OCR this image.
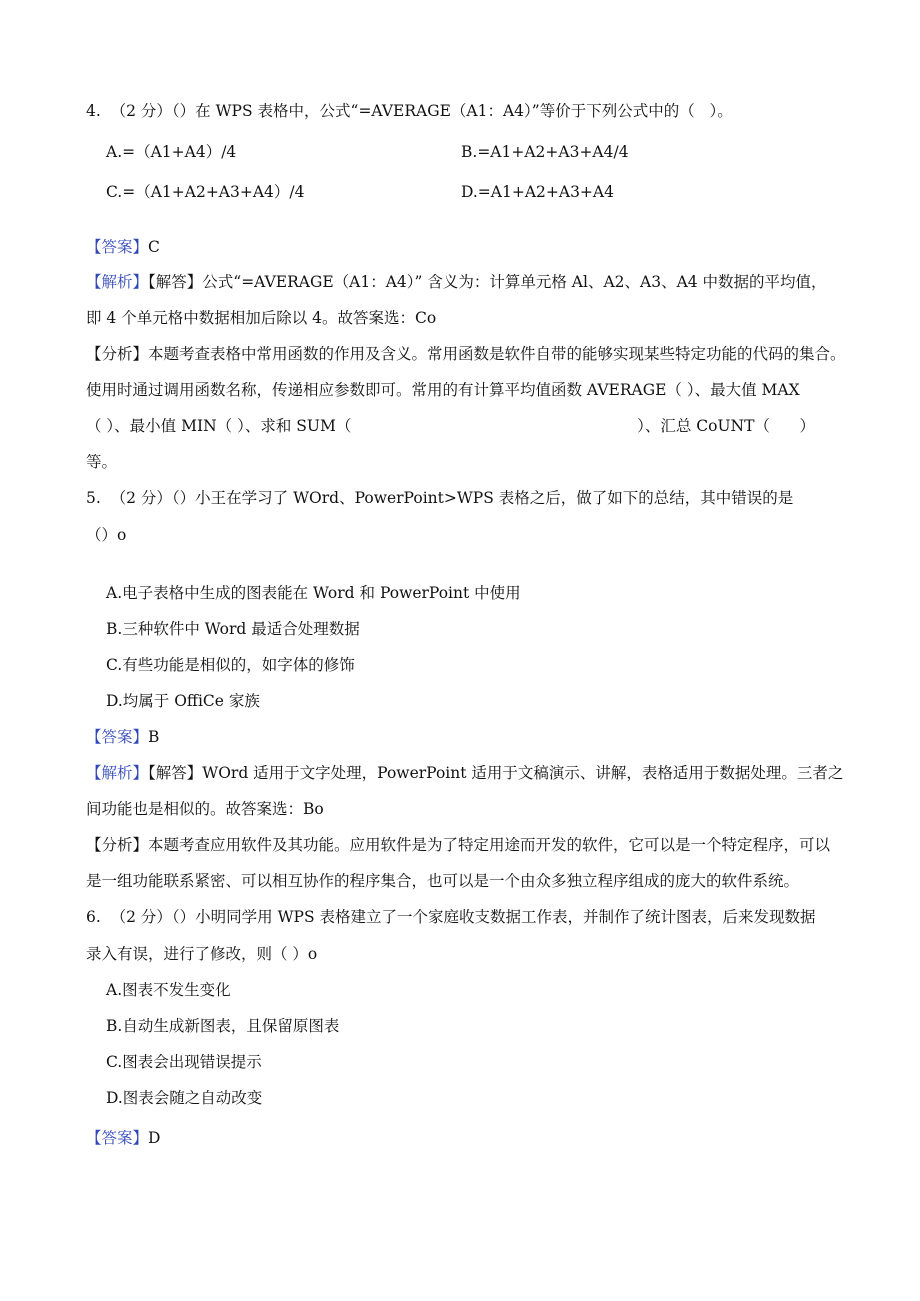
4.  （2 分）（）在 WPS 表格中，公式“=AVERAGE（A1：A4）”等价于下列公式中的（   ）。
A.=（A1+A4）/4	B.=A1+A2+A3+A4/4
C.=（A1+A2+A3+A4）/4	D.=A1+A2+A3+A4
【答案】C
【解析】【解答】公式“=AVERAGE（A1：A4）” 含义为：计算单元格 Al、A2、A3、A4 中数据的平均值，
即 4 个单元格中数据相加后除以 4。故答案选：Co
【分析】本题考查表格中常用函数的作用及含义。常用函数是软件自带的能够实现某些特定功能的代码的集合。
使用时通过调用函数名称，传递相应参数即可。常用的有计算平均值函数 AVERAGE（ ）、最大值 MAX
（ ）、最小值 MIN（ ）、求和 SUM（                                                          ）、汇总 CoUNT（      ）
等。
5.  （2 分）（）小王在学习了 WOrd、PowerPoint>WPS 表格之后，做了如下的总结，其中错误的是
（）o
A.电子表格中生成的图表能在 Word 和 PowerPoint 中使用
B.三种软件中 Word 最适合处理数据
C.有些功能是相似的，如字体的修饰
D.均属于 OffiCe 家族
【答案】B
【解析】【解答】WOrd 适用于文字处理，PowerPoint 适用于文稿演示、讲解，表格适用于数据处理。三者之
间功能也是相似的。故答案选：Bo
【分析】本题考查应用软件及其功能。应用软件是为了特定用途而开发的软件，它可以是一个特定程序，可以
是一组功能联系紧密、可以相互协作的程序集合，也可以是一个由众多独立程序组成的庞大的软件系统。
6.  （2 分）（）小明同学用 WPS 表格建立了一个家庭收支数据工作表，并制作了统计图表，后来发现数据
录入有误，进行了修改，则（ ）o
A.图表不发生变化
B.自动生成新图表，且保留原图表
C.图表会出现错误提示
D.图表会随之自动改变
【答案】D
